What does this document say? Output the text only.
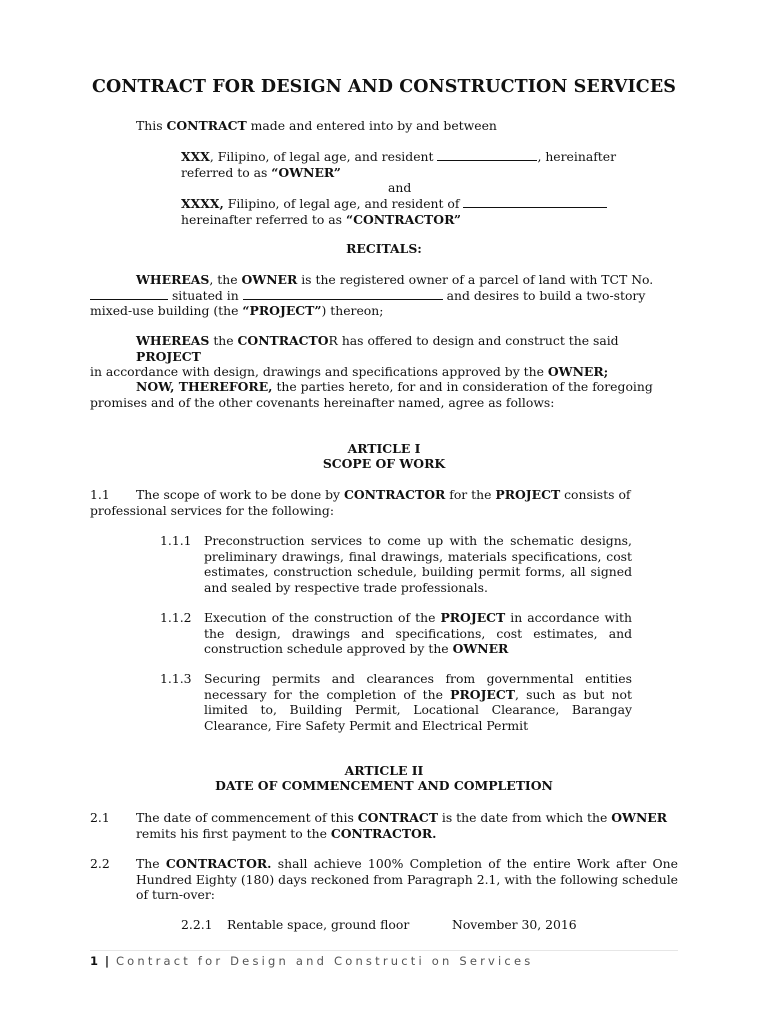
CONTRACT FOR DESIGN AND CONSTRUCTION SERVICES
This CONTRACT made and entered into by and between
XXX, Filipino, of legal age, and resident	, hereinafter
referred to as “OWNER”
and
XXXX, Filipino, of legal age, and resident of
hereinafter referred to as “CONTRACTOR”
RECITALS:
WHEREAS, the OWNER is the registered owner of a parcel of land with TCT No.
situated in	and desires to build a two-story
mixed-use building (the “PROJECT”) thereon;
WHEREAS the CONTRACTOR has offered to design and construct the said PROJECT
in accordance with design, drawings and specifications approved by the OWNER;
NOW, THEREFORE, the parties hereto, for and in consideration of the foregoing
promises and of the other covenants hereinafter named, agree as follows:
ARTICLE I
SCOPE OF WORK
1.1 The scope of work to be done by CONTRACTOR for the PROJECT consists of
professional services for the following:
1.1.1 Preconstruction services to come up with the schematic designs, preliminary drawings, final drawings, materials specifications, cost estimates, construction schedule, building permit forms, all signed and sealed by respective trade professionals.
1.1.2 Execution of the construction of the PROJECT in accordance with the design, drawings and specifications, cost estimates, and construction schedule approved by the OWNER
1.1.3 Securing permits and clearances from governmental entities necessary for the completion of the PROJECT, such as but not limited to, Building Permit, Locational Clearance, Barangay Clearance, Fire Safety Permit and Electrical Permit
ARTICLE II
DATE OF COMMENCEMENT AND COMPLETION
2.1 The date of commencement of this CONTRACT is the date from which the OWNER
remits his first payment to the CONTRACTOR.
2.2 The CONTRACTOR. shall achieve 100% Completion of the entire Work after One Hundred Eighty (180) days reckoned from Paragraph 2.1, with the following schedule of turn-over:
2.2.1 Rentable space, ground floor	November 30, 2016
1 | Contract for Design and Constructi on Services
